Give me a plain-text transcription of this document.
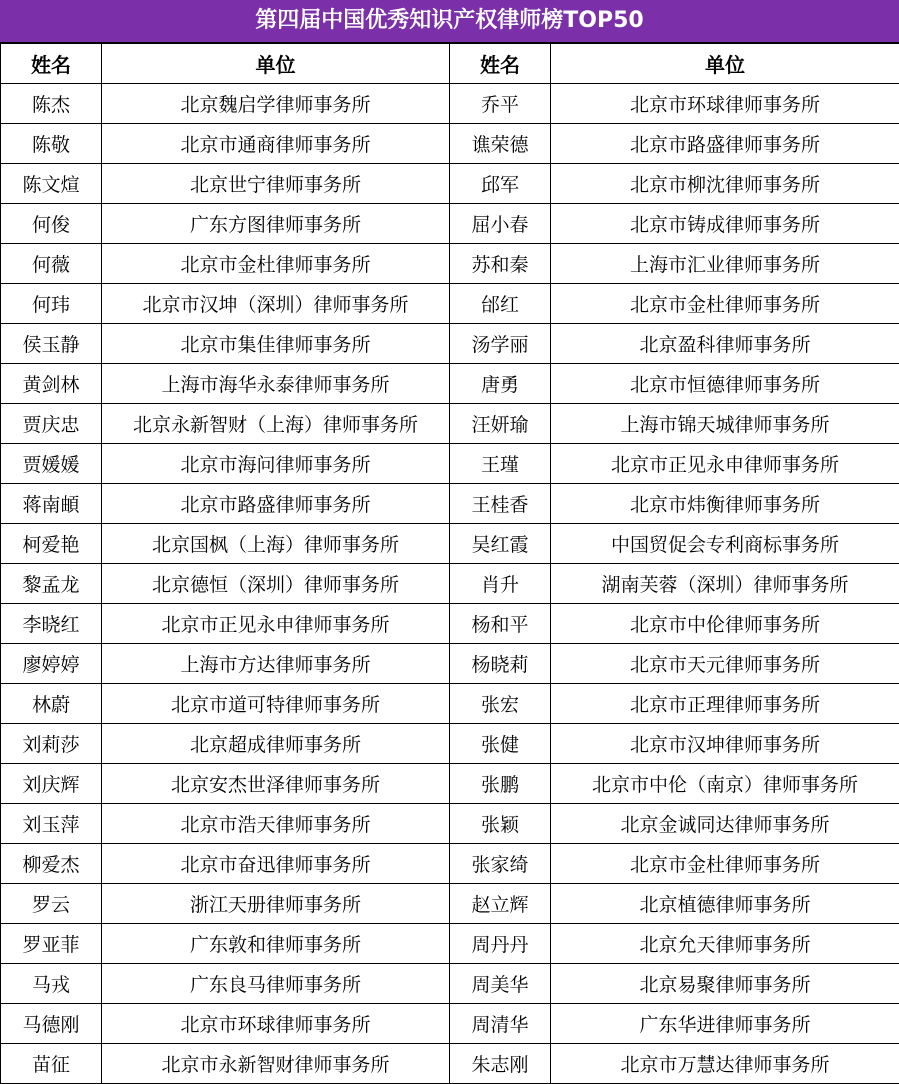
第四届中国优秀知识产权律师榜TOP50
姓名	单位	姓名	单位
陈杰	北京魏启学律师事务所	乔平	北京市环球律师事务所
陈敬	北京市通商律师事务所	谯荣德	北京市路盛律师事务所
陈文煊	北京世宁律师事务所	邱军	北京市柳沈律师事务所
何俊	广东方图律师事务所	屈小春	北京市铸成律师事务所
何薇	北京市金杜律师事务所	苏和秦	上海市汇业律师事务所
何玮	北京市汉坤（深圳）律师事务所	邰红	北京市金杜律师事务所
侯玉静	北京市集佳律师事务所	汤学丽	北京盈科律师事务所
黄剑林	上海市海华永泰律师事务所	唐勇	北京市恒德律师事务所
贾庆忠	北京永新智财（上海）律师事务所	汪妍瑜	上海市锦天城律师事务所
贾媛媛	北京市海问律师事务所	王瑾	北京市正见永申律师事务所
蒋南頔	北京市路盛律师事务所	王桂香	北京市炜衡律师事务所
柯爱艳	北京国枫（上海）律师事务所	吴红霞	中国贸促会专利商标事务所
黎孟龙	北京德恒（深圳）律师事务所	肖升	湖南芙蓉（深圳）律师事务所
李晓红	北京市正见永申律师事务所	杨和平	北京市中伦律师事务所
廖婷婷	上海市方达律师事务所	杨晓莉	北京市天元律师事务所
林蔚	北京市道可特律师事务所	张宏	北京市正理律师事务所
刘莉莎	北京超成律师事务所	张健	北京市汉坤律师事务所
刘庆辉	北京安杰世泽律师事务所	张鹏	北京市中伦（南京）律师事务所
刘玉萍	北京市浩天律师事务所	张颖	北京金诚同达律师事务所
柳爱杰	北京市奋迅律师事务所	张家绮	北京市金杜律师事务所
罗云	浙江天册律师事务所	赵立辉	北京植德律师事务所
罗亚菲	广东敦和律师事务所	周丹丹	北京允天律师事务所
马戎	广东良马律师事务所	周美华	北京易聚律师事务所
马德刚	北京市环球律师事务所	周清华	广东华进律师事务所
苗征	北京市永新智财律师事务所	朱志刚	北京市万慧达律师事务所
